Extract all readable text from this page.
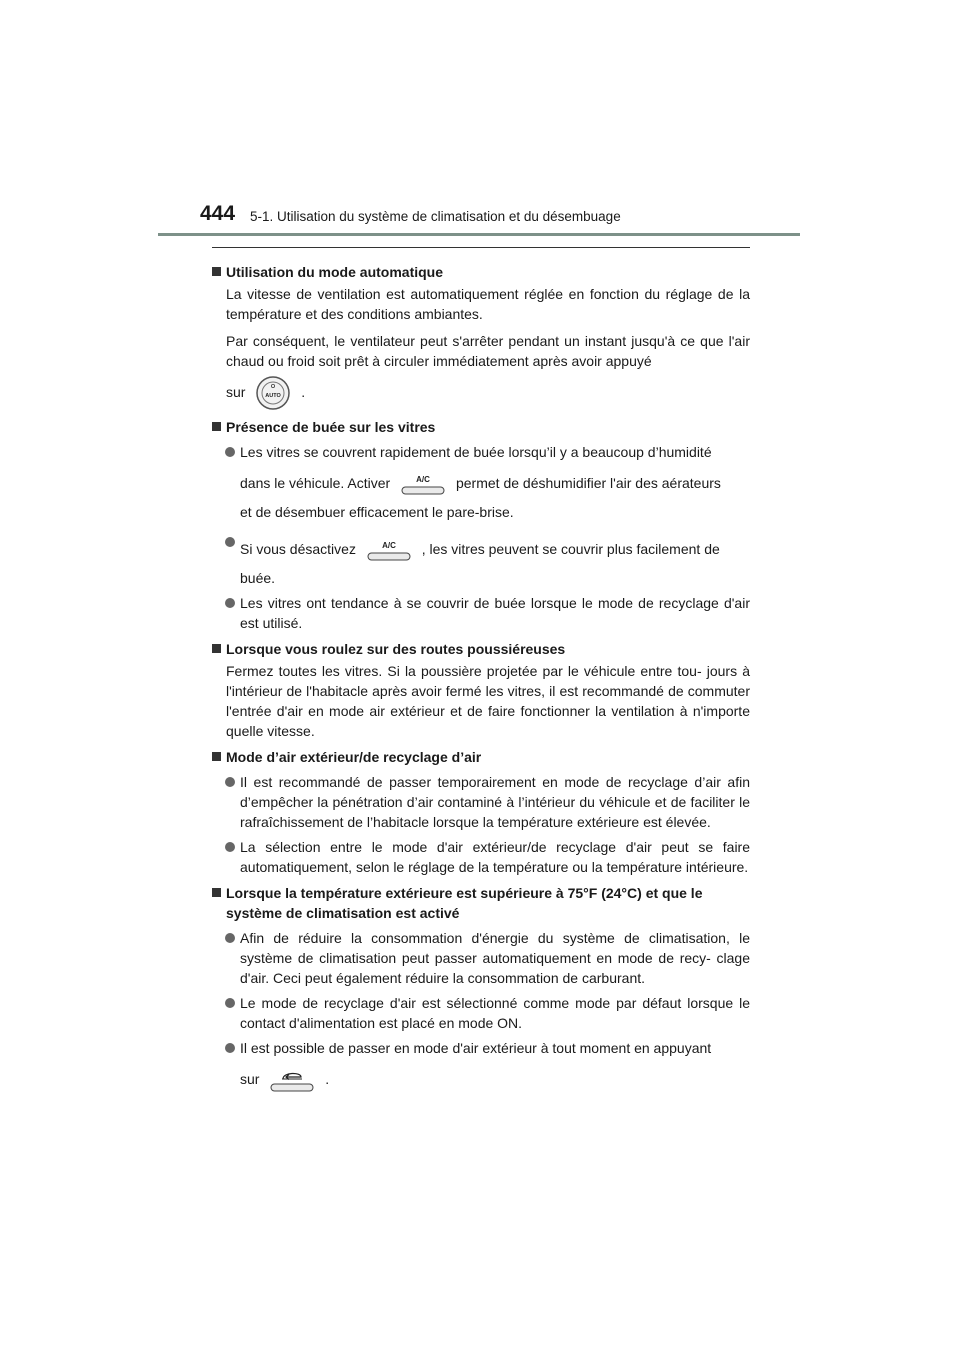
444 5-1. Utilisation du système de climatisation et du désembuage
Utilisation du mode automatique
La vitesse de ventilation est automatiquement réglée en fonction du réglage de la température et des conditions ambiantes.
Par conséquent, le ventilateur peut s'arrêter pendant un instant jusqu'à ce que l'air chaud ou froid soit prêt à circuler immédiatement après avoir appuyé
sur	AUTO .
Présence de buée sur les vitres
Les vitres se couvrent rapidement de buée lorsqu’il y a beaucoup d’humidité
dans le véhicule. Activer	A/C permet de déshumidifier l'air des aérateurs
et de désembuer efficacement le pare-brise.
Si vous désactivez	A/C , les vitres peuvent se couvrir plus facilement de
buée.
Les vitres ont tendance à se couvrir de buée lorsque le mode de recyclage d'air est utilisé.
Lorsque vous roulez sur des routes poussiéreuses
Fermez toutes les vitres. Si la poussière projetée par le véhicule entre tou- jours à l'intérieur de l'habitacle après avoir fermé les vitres, il est recommandé de commuter l'entrée d'air en mode air extérieur et de faire fonctionner la ventilation à n'importe quelle vitesse.
Mode d’air extérieur/de recyclage d’air
Il est recommandé de passer temporairement en mode de recyclage d’air afin d’empêcher la pénétration d’air contaminé à l’intérieur du véhicule et de faciliter le rafraîchissement de l’habitacle lorsque la température extérieure est élevée.
La sélection entre le mode d'air extérieur/de recyclage d'air peut se faire automatiquement, selon le réglage de la température ou la température intérieure.
Lorsque la température extérieure est supérieure à 75°F (24°C) et que le système de climatisation est activé
Afin de réduire la consommation d'énergie du système de climatisation, le système de climatisation peut passer automatiquement en mode de recy- clage d'air. Ceci peut également réduire la consommation de carburant.
Le mode de recyclage d'air est sélectionné comme mode par défaut lorsque le contact d'alimentation est placé en mode ON.
Il est possible de passer en mode d'air extérieur à tout moment en appuyant
sur	.
